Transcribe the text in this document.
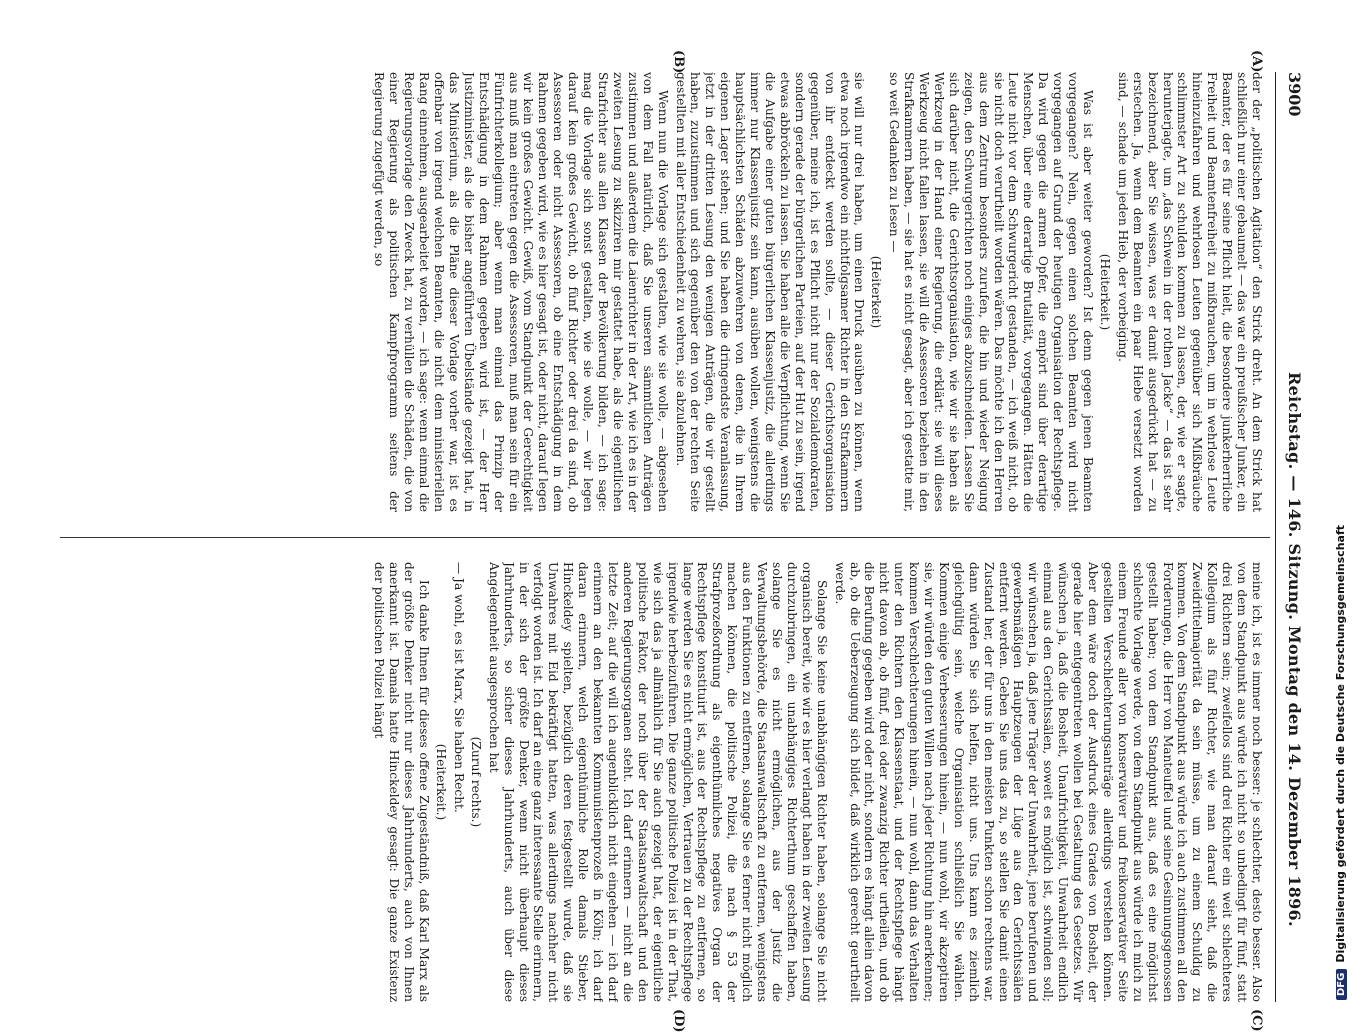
3900
Reichstag. — 146. Sitzung. Montag den 14. Dezember 1896.
(A)
(B)
(C)
(D)

der der „politischen Agitation“ den Strick dreht. An dem Strick hat schließlich nur einer gebaumelt — das war ein preußischer Junker, ein Beamter, der es für seine Pflicht hielt, die besondere junkerherrliche Freiheit und Beamtenfreiheit zu mißbrauchen, um in wehrlose Leute hineinzufahren und wehrlosen Leuten gegenüber sich Mißbräuche schlimmster Art zu schulden kommen zu lassen, der, wie er sagte, herunterjagte, um „das Schwein in der rothen Jacke“ — das ist sehr bezeichnend, aber Sie wissen, was er damit ausgedrückt hat — zu erstechen. Ja, wenn dem Beamten ein paar Hiebe versetzt worden sind, — schade um jeden Hieb, der vorbeiging.

(Heiterkeit.)

Was ist aber weiter geworden? Ist denn gegen jenen Beamten vorgegangen? Nein, gegen einen solchen Beamten wird nicht vorgegangen auf Grund der heutigen Organisation der Rechtspflege. Da wird gegen die armen Opfer, die empört sind über derartige Menschen, über eine derartige Brutalität, vorgegangen. Hätten die Leute nicht vor dem Schwurgericht gestanden, — ich weiß nicht, ob sie nicht doch verurtheilt worden wären. Das möchte ich den Herren aus dem Zentrum besonders zurufen, die hin und wieder Neigung zeigen, den Schwurgerichten noch einiges abzuschneiden. Lassen Sie sich darüber nicht, die Gerichtsorganisation, wie wir sie haben als Werkzeug in der Hand einer Regierung, die erklärt: sie will dieses Werkzeug nicht fallen lassen, sie will die Assessoren beziehen in den Strafkammern haben, — sie hat es nicht gesagt, aber ich gestatte mir, so weit Gedanken zu lesen —

(Heiterkeit)

sie will nur drei haben, um einen Druck ausüben zu können, wenn etwa noch irgendwo ein nichtfolgsamer Richter in den Strafkammern von ihr entdeckt werden sollte, — dieser Gerichtsorganisation gegenüber, meine ich, ist es Pflicht nicht nur der Sozialdemokraten, sondern gerade der bürgerlichen Parteien, auf der Hut zu sein, irgend etwas abbröckeln zu lassen. Sie haben alle die Verpflichtung, wenn Sie die Aufgabe einer guten bürgerlichen Klassenjustiz, die allerdings immer nur Klassenjustiz sein kann, ausüben wollen, wenigstens die hauptsächlichsten Schäden abzuwehren von denen, die in Ihrem eigenen Lager stehen; und Sie haben die dringendste Veranlassung, jetzt in der dritten Lesung den wenigen Anträgen, die wir gestellt haben, zuzustimmen und sich gegenüber den von der rechten Seite gestellten mit aller Entschiedenheit zu wehren, sie abzulehnen.

Wenn nun die Vorlage sich gestalten, wie sie wolle, — abgesehen von dem Fall natürlich, daß Sie unseren sämmtlichen Anträgen zustimmen und außerdem die Laienrichter in der Art, wie ich es in der zweiten Lesung zu skizziren mir gestattet habe, als die eigentlichen Strafrichter aus allen Klassen der Bevölkerung bilden, — ich sage: mag die Vorlage sich sonst gestalten, wie sie wolle, — wir legen darauf kein großes Gewicht, ob fünf Richter oder drei da sind, ob Assessoren oder nicht Assessoren, ob eine Entschädigung in dem Rahmen gegeben wird, wie es hier gesagt ist, oder nicht, darauf legen wir kein großes Gewicht. Gewiß, vom Standpunkt der Gerechtigkeit aus muß man eintreten gegen die Assessoren, muß man sein für ein Fünfrichterkollegium; aber wenn man einmal das Prinzip der Entschädigung in dem Rahmen gegeben wird ist, — der Herr Justizminister, als die bisher angeführten Übelstände gezeigt hat, in das Ministerium, als die Pläne dieser Vorlage vorher war, ist es offenbar von irgend welchen Beamten, die nicht dem ministeriellen Rang einnehmen, ausgearbeitet worden, — ich sage: wenn einmal die Regierungsvorlage den Zweck hat, zu verhüllen die Schäden, die von einer Regierung als politischen Kampfprogramm seitens der Regierung zugefügt werden, so

meine ich, ist es immer noch besser: je schlechter, desto besser. Also von dem Standpunkt aus würde ich nicht so unbedingt für fünf, statt drei Richtern sein; zweifellos sind drei Richter ein weit schlechteres Kollegium als fünf Richter, wie man darauf sieht, daß die Zweidrittelmajorität da sein müsse, um zu einem Schuldig zu kommen. Von dem Standpunkt aus würde ich auch zustimmen all den Forderungen, die Herr von Manteuffel und seine Gesinnungsgenossen gestellt haben; von dem Standpunkt aus, daß es eine möglichst schlechte Vorlage werde, von dem Standpunkt aus würde ich mich zu einem Freunde aller von konservativer und freikonservativer Seite gestellten Verschlechterungsanträge allerdings verstehen können. Aber dem wäre doch der Ausdruck eines Grades von Bosheit, der gerade hier entgegentreten wollen bei Gestaltung des Gesetzes. Wir wünschen ja, daß die Bosheit, Unaufrichtigkeit, Unwahrheit endlich einmal aus den Gerichtssälen, soweit es möglich ist, schwinden soll; wir wünschen ja, daß jene Träger der Unwahrheit, jene berufenen und gewerbsmäßigen Hauptzeugen der Lüge aus den Gerichtssälen entfernt werden. Geben Sie uns das zu, so stellen Sie damit einen Zustand her, der für uns in den meisten Punkten schon rechtens war, dann würden Sie sich helfen, nicht uns. Uns kann es ziemlich gleichgültig sein, welche Organisation schließlich Sie wählen. Kommen einige Verbesserungen hinein, — nun wohl, wir akzeptiren sie, wir würden den guten Willen nach jeder Richtung hin anerkennen; kommen Verschlechterungen hinein, — nun wohl, dann das Verhalten unter den Richtern den Klassenstaat, und der Rechtspflege hängt nicht davon ab, ob fünf, drei oder zwanzig Richter urtheilen, und ob die Berufung gegeben wird oder nicht, sondern es hängt allein davon ab, ob die Ueberzeugung sich bildet, daß wirklich gerecht geurtheilt werde.

Solange Sie keine unabhängigen Richter haben, solange Sie nicht organisch bereit, wie wir es hier verlangt haben in der zweiten Lesung durchzubringen, ein unabhängiges Richterthum geschaffen haben, solange Sie es nicht ermöglichen, aus der Justiz die Verwaltungsbehörde, die Staatsanwaltschaft zu entfernen, wenigstens aus den Funktionen zu entfernen, solange Sie es ferner nicht möglich machen können, die politische Polizei, die nach § 53 der Strafprozeßordnung als eigenthümliches negatives Organ der Rechtspflege konstituirt ist, aus der Rechtspflege zu entfernen, so lange werden Sie es nicht ermöglichen, Vertrauen zu der Rechtspflege irgendwie herbeizuführen. Die ganze politische Polizei ist in der That, wie sich das ja allmählich für Sie auch gezeigt hat, der eigentliche politische Faktor, der noch über der Staatsanwaltschaft und den anderen Regierungsorganen steht. Ich darf erinnern — nicht an die letzte Zeit; auf die will ich augenblicklich nicht eingehen — ich darf erinnern an den bekannten Kommunistenprozeß in Köln; ich darf daran erinnern, welch eigenthümliche Rolle damals Stieber, Hinckeldey spielten, bezüglich deren festgestellt wurde, daß sie Unwahres mit Eid bekräftigt hatten, was allerdings nachher nicht verfolgt worden ist. Ich darf an eine ganz interessante Stelle erinnern, in der sich der größte Denker, wenn nicht überhaupt dieses Jahrhunderts, so sicher dieses Jahrhunderts, auch über diese Angelegenheit ausgesprochen hat

(Zuruf rechts.)

— Ja wohl, es ist Marx, Sie haben Recht.

(Heiterkeit.)

Ich danke Ihnen für dieses offene Zugeständniß, daß Karl Marx als der größte Denker nicht nur dieses Jahrhunderts, auch von Ihnen anerkannt ist. Damals hatte Hinckeldey gesagt: Die ganze Existenz der politischen Polizei hängt

DFGDigitalisierung gefördert durch die Deutsche Forschungsgemeinschaft
